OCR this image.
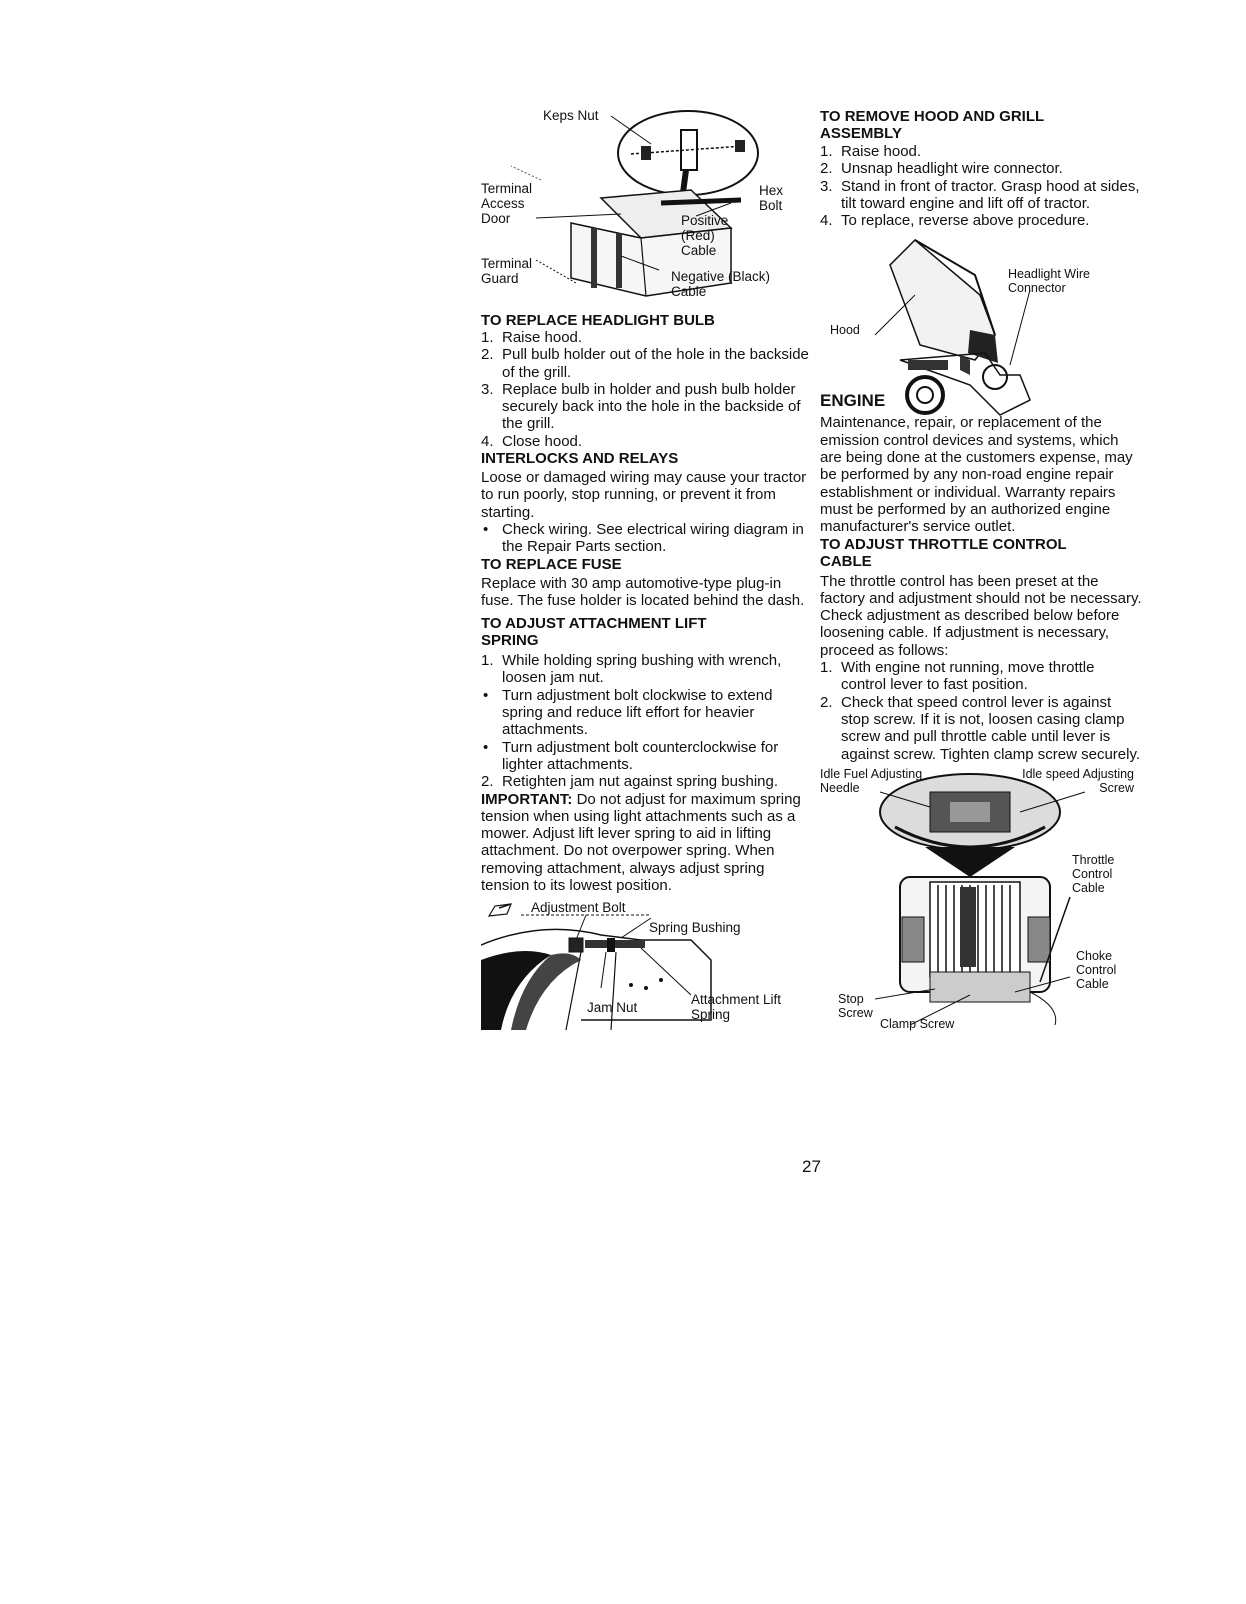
Keps Nut
Terminal
Access
Door
Terminal
Guard
Hex
Bolt
Positive
(Red)
Cable
Negative (Black)
Cable
TO REPLACE HEADLIGHT BULB
1. Raise hood.
2. Pull bulb holder out of the hole in the backside of the grill.
3. Replace bulb in holder and push bulb holder securely back into the hole in the backside of the grill.
4. Close hood.
INTERLOCKS AND RELAYS

Loose or damaged wiring may cause your tractor to run poorly, stop running, or prevent it from starting.

• Check wiring. See electrical wiring diagram in the Repair Parts section.
TO REPLACE FUSE

Replace with 30 amp automotive-type plug-in fuse. The fuse holder is located behind the dash.

TO ADJUST ATTACHMENT LIFT SPRING
1. While holding spring bushing with wrench, loosen jam nut.
• Turn adjustment bolt clockwise to extend spring and reduce lift effort for heavier attachments.
• Turn adjustment bolt counterclockwise for lighter attachments.
2. Retighten jam nut against spring bushing.

IMPORTANT: Do not adjust for maximum spring tension when using light attachments such as a mower. Adjust lift lever spring to aid in lifting attachment. Do not overpower spring. When removing attachment, always adjust spring tension to its lowest position.

Adjustment Bolt
Spring Bushing
Jam Nut
Attachment Lift
Spring
TO REMOVE HOOD AND GRILL ASSEMBLY
1. Raise hood.
2. Unsnap headlight wire connector.
3. Stand in front of tractor. Grasp hood at sides, tilt toward engine and lift off of tractor.
4. To replace, reverse above procedure.
Hood
Headlight Wire
Connector
ENGINE

Maintenance, repair, or replacement of the emission control devices and systems, which are being done at the customers expense, may be performed by any non-road engine repair establishment or individual. Warranty repairs must be performed by an authorized engine manufacturer's service outlet.

TO ADJUST THROTTLE CONTROL CABLE

The throttle control has been preset at the factory and adjustment should not be necessary. Check adjustment as described below before loosening cable. If adjustment is necessary, proceed as follows:

1. With engine not running, move throttle control lever to fast position.
2. Check that speed control lever is against stop screw. If it is not, loosen casing clamp screw and pull throttle cable until lever is against screw. Tighten clamp screw securely.
Idle Fuel Adjusting
Needle
Idle speed Adjusting
Screw
Throttle
Control
Cable
Choke
Control
Cable
Stop
Screw
Clamp Screw
27
